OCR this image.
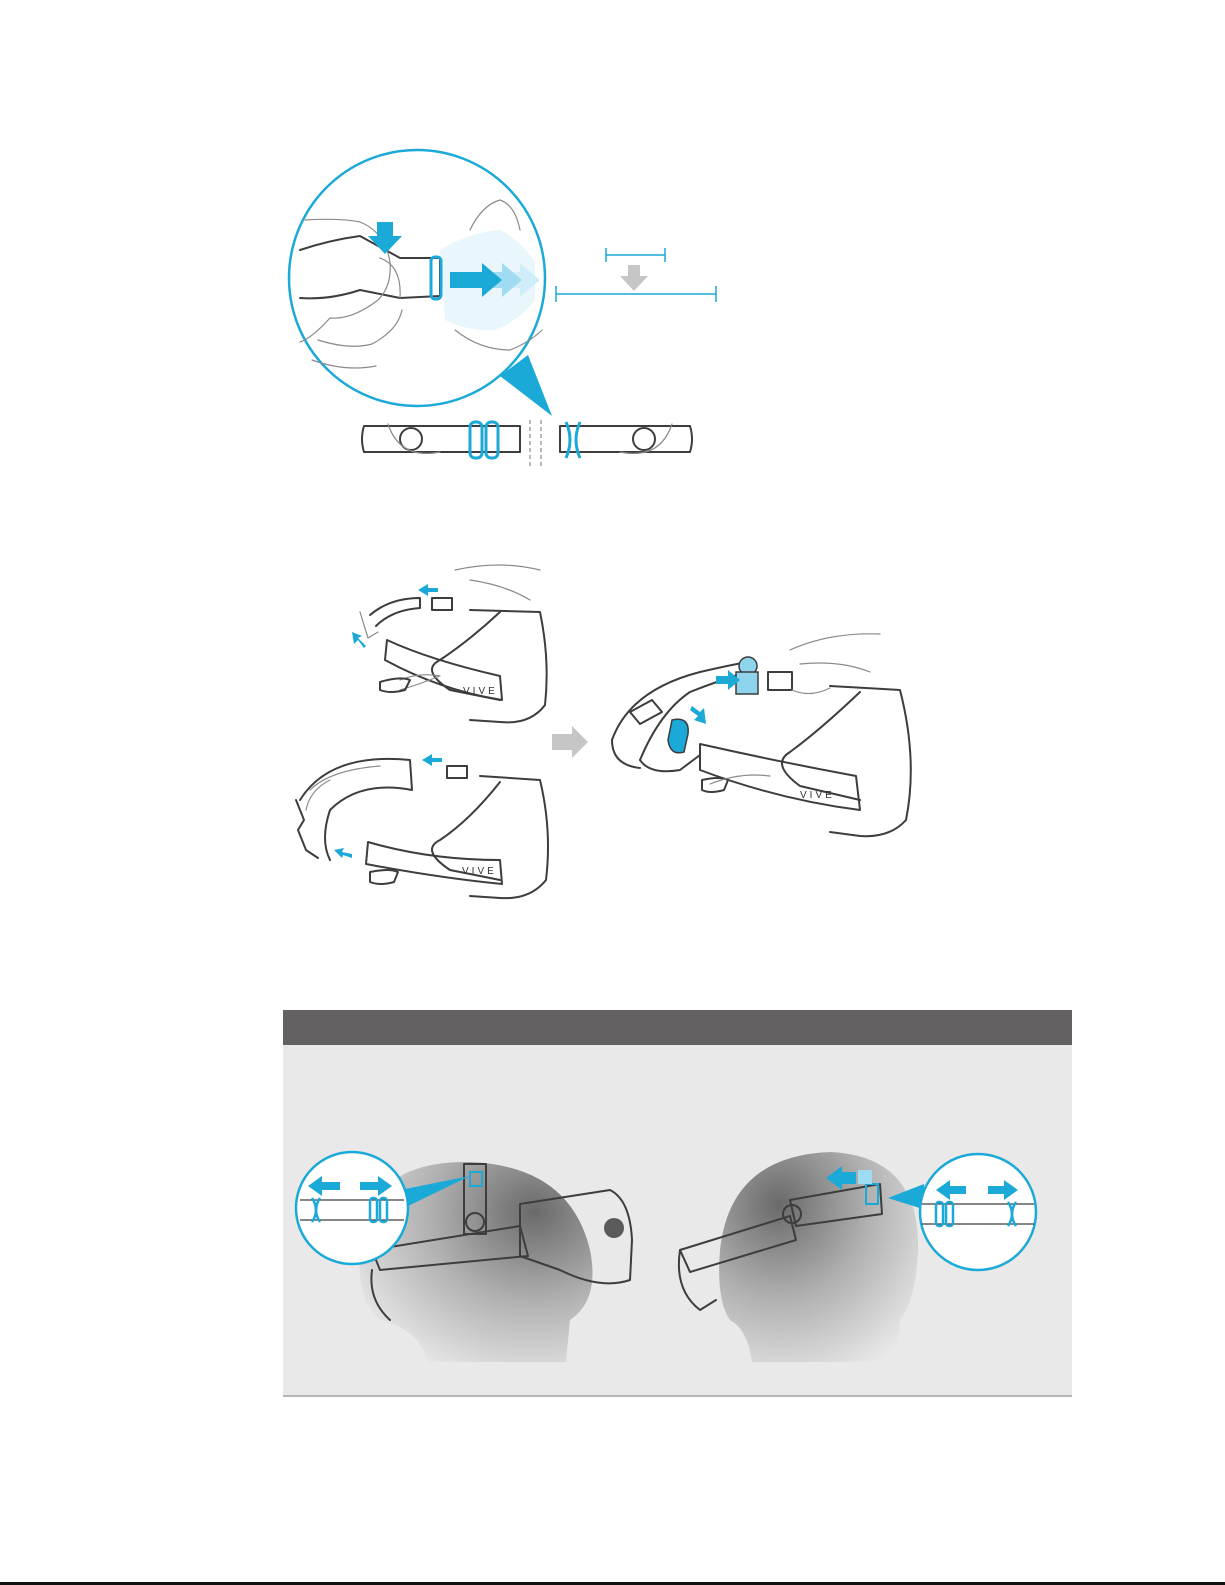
VIVE
VIVE
VIVE
